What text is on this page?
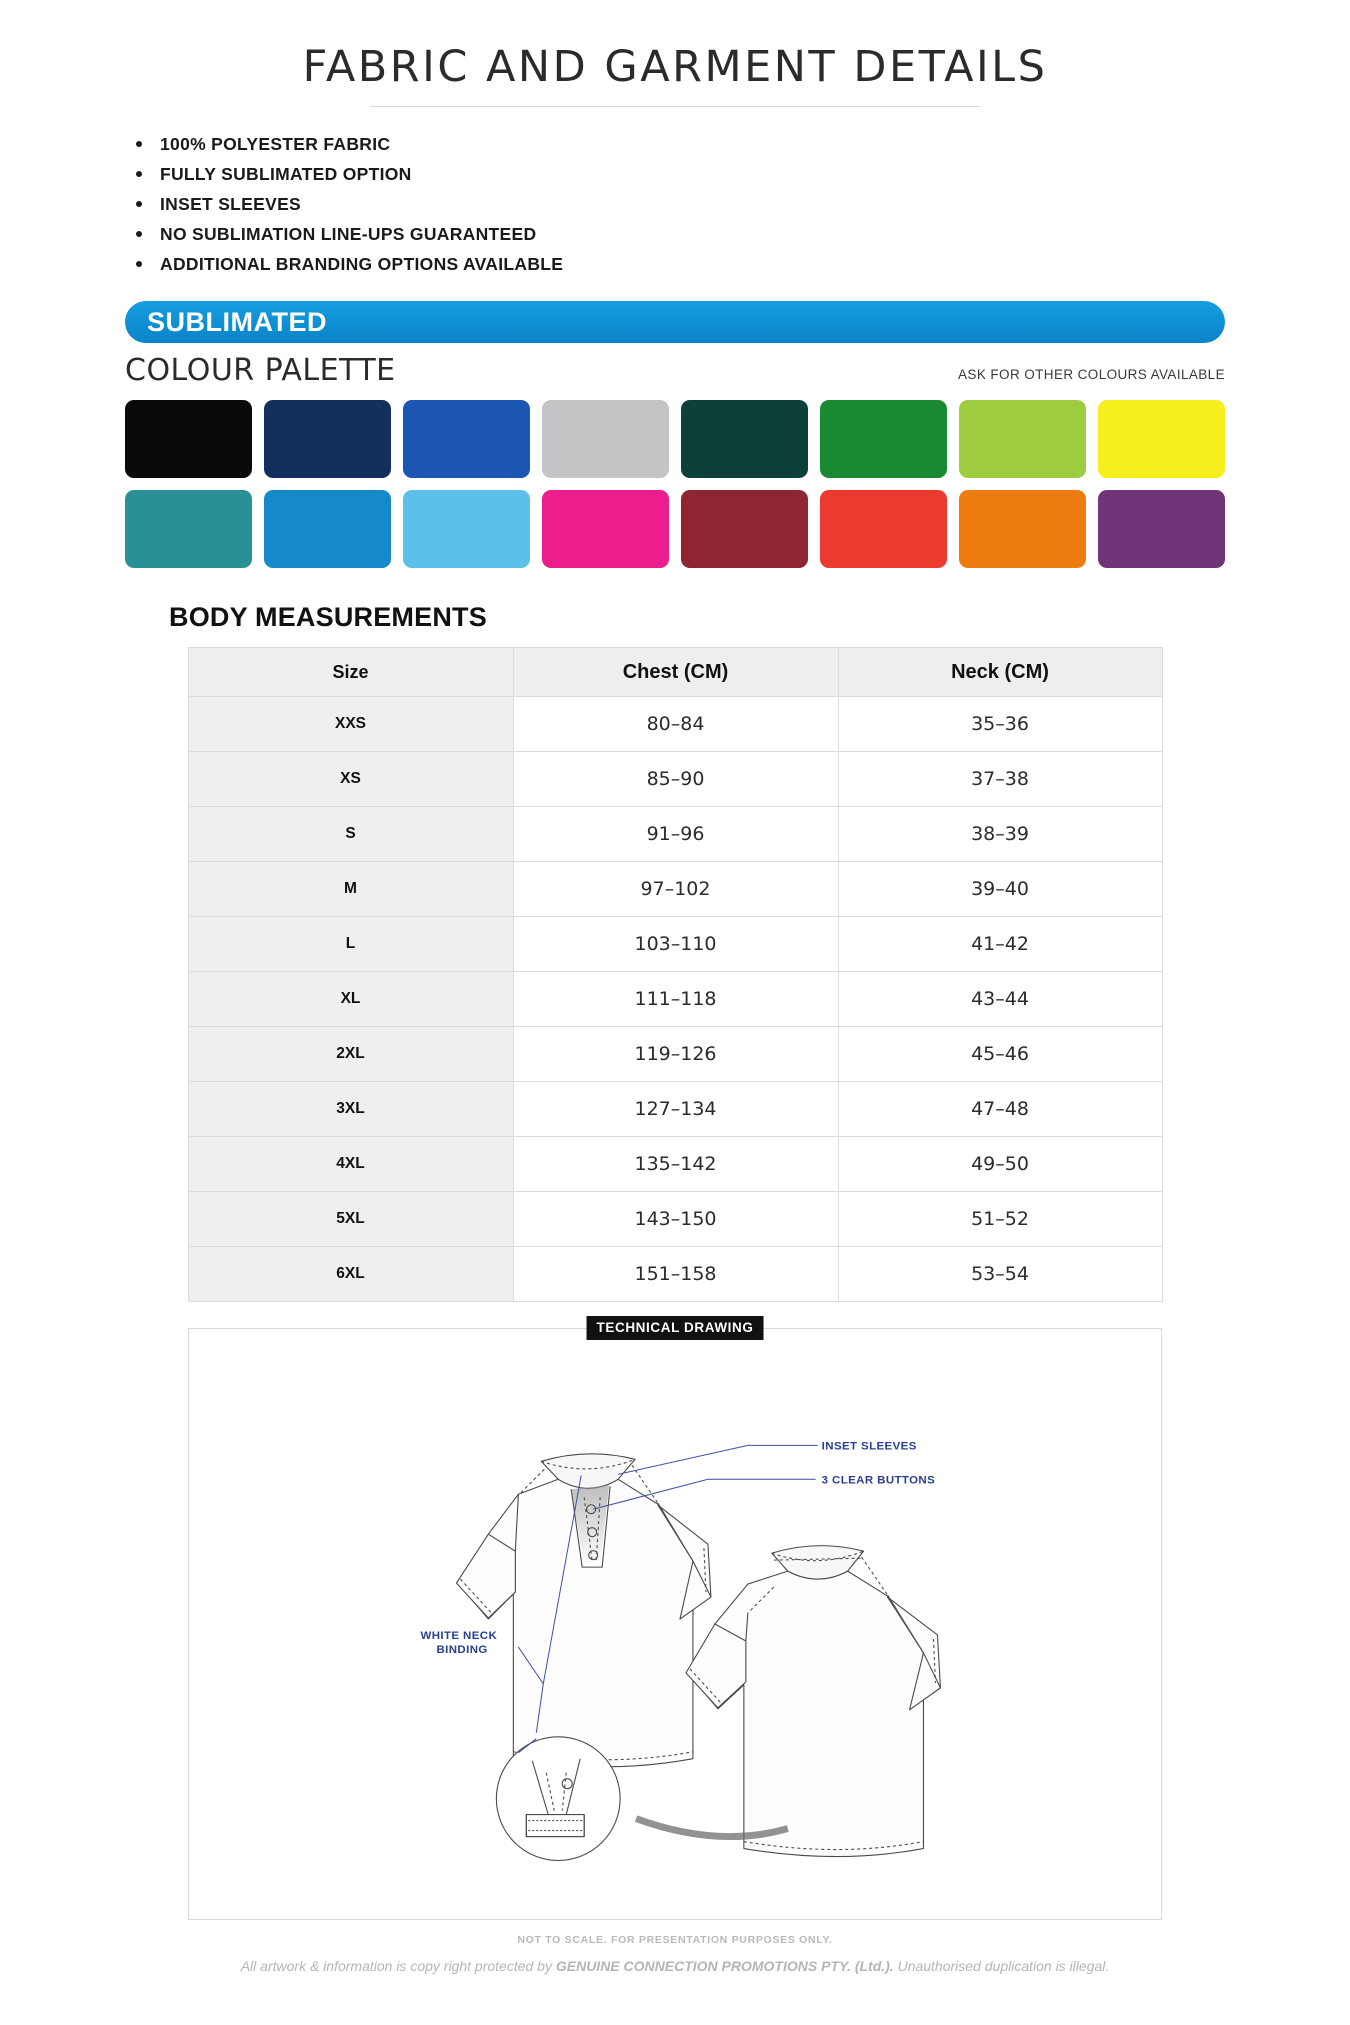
FABRIC AND GARMENT DETAILS
100% POLYESTER FABRIC
FULLY SUBLIMATED OPTION
INSET SLEEVES
NO SUBLIMATION LINE-UPS GUARANTEED
ADDITIONAL BRANDING OPTIONS AVAILABLE
SUBLIMATED
COLOUR PALETTE	ASK FOR OTHER COLOURS AVAILABLE
BODY MEASUREMENTS
Size	Chest (CM)	Neck (CM)
XXS	80–84	35–36
XS	85–90	37–38
S	91–96	38–39
M	97–102	39–40
L	103–110	41–42
XL	111–118	43–44
2XL	119–126	45–46
3XL	127–134	47–48
4XL	135–142	49–50
5XL	143–150	51–52
6XL	151–158	53–54
TECHNICAL DRAWING
INSET SLEEVES
3 CLEAR BUTTONS
WHITE NECK
BINDING
NOT TO SCALE. FOR PRESENTATION PURPOSES ONLY.
All artwork & information is copy right protected by GENUINE CONNECTION PROMOTIONS PTY. (Ltd.). Unauthorised duplication is illegal.
